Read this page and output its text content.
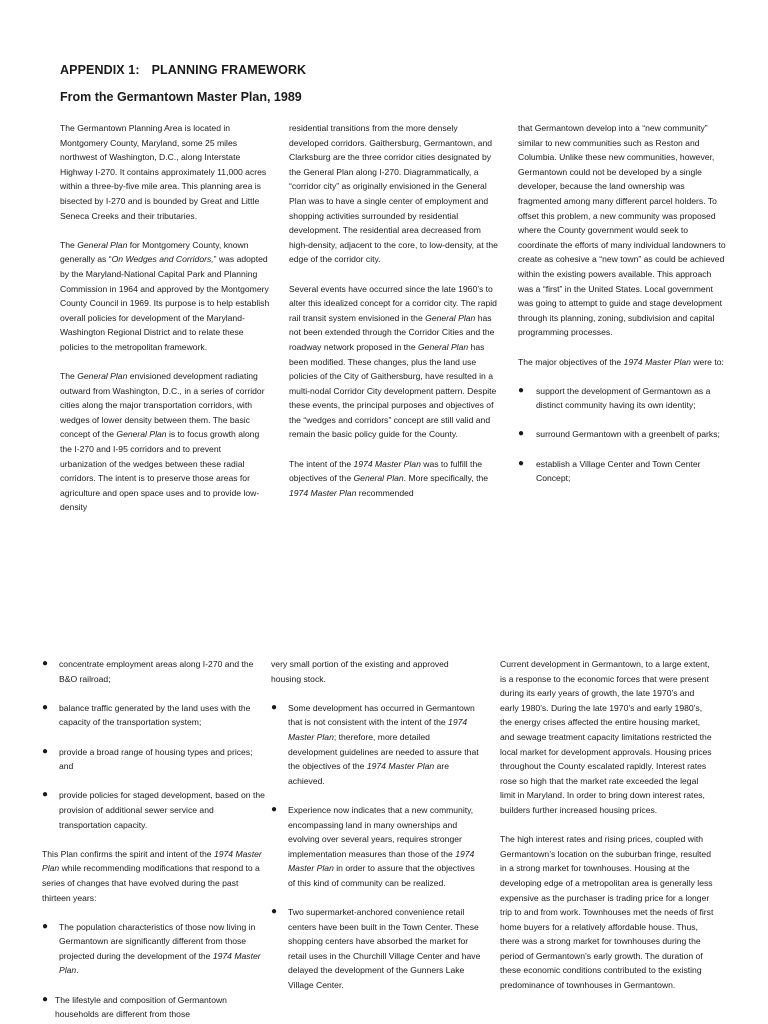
APPENDIX 1: PLANNING FRAMEWORK
From the Germantown Master Plan, 1989

The Germantown Planning Area is located in Montgomery County, Maryland, some 25 miles northwest of Washington, D.C., along Interstate Highway I-270. It contains approximately 11,000 acres within a three-by-five mile area. This planning area is bisected by I-270 and is bounded by Great and Little Seneca Creeks and their tributaries.

The General Plan for Montgomery County, known generally as “On Wedges and Corridors,” was adopted by the Maryland-National Capital Park and Planning Commission in 1964 and approved by the Montgomery County Council in 1969. Its purpose is to help establish overall policies for development of the Maryland-Washington Regional District and to relate these policies to the metropolitan framework.

The General Plan envisioned development radiating outward from Washington, D.C., in a series of corridor cities along the major transportation corridors, with wedges of lower density between them. The basic concept of the General Plan is to focus growth along the I-270 and I-95 corridors and to prevent urbanization of the wedges between these radial corridors. The intent is to preserve those areas for agriculture and open space uses and to provide low-density

residential transitions from the more densely developed corridors. Gaithersburg, Germantown, and Clarksburg are the three corridor cities designated by the General Plan along I-270. Diagrammatically, a “corridor city” as originally envisioned in the General Plan was to have a single center of employment and shopping activities surrounded by residential development. The residential area decreased from high-density, adjacent to the core, to low-density, at the edge of the corridor city.

Several events have occurred since the late 1960’s to alter this idealized concept for a corridor city. The rapid rail transit system envisioned in the General Plan has not been extended through the Corridor Cities and the roadway network proposed in the General Plan has been modified. These changes, plus the land use policies of the City of Gaithersburg, have resulted in a multi-nodal Corridor City development pattern. Despite these events, the principal purposes and objectives of the “wedges and corridors” concept are still valid and remain the basic policy guide for the County.

The intent of the 1974 Master Plan was to fulfill the objectives of the General Plan. More specifically, the 1974 Master Plan recommended

that Germantown develop into a “new community” similar to new communities such as Reston and Columbia. Unlike these new communities, however, Germantown could not be developed by a single developer, because the land ownership was fragmented among many different parcel holders. To offset this problem, a new community was proposed where the County government would seek to coordinate the efforts of many individual landowners to create as cohesive a “new town” as could be achieved within the existing powers available. This approach was a “first” in the United States. Local government was going to attempt to guide and stage development through its planning, zoning, subdivision and capital programming processes.

The major objectives of the 1974 Master Plan were to:

● support the development of Germantown as a distinct community having its own identity;
● surround Germantown with a greenbelt of parks;
● establish a Village Center and Town Center Concept;
● concentrate employment areas along I-270 and the B&O railroad;
● balance traffic generated by the land uses with the capacity of the transportation system;
● provide a broad range of housing types and prices; and
● provide policies for staged development, based on the provision of additional sewer service and transportation capacity.

This Plan confirms the spirit and intent of the 1974 Master Plan while recommending modifications that respond to a series of changes that have evolved during the past thirteen years:

● The population characteristics of those now living in Germantown are significantly different from those projected during the development of the 1974 Master Plan.
● The lifestyle and composition of Germantown households are different from those

very small portion of the existing and approved housing stock.

● Some development has occurred in Germantown that is not consistent with the intent of the 1974 Master Plan; therefore, more detailed development guidelines are needed to assure that the objectives of the 1974 Master Plan are achieved.
● Experience now indicates that a new community, encompassing land in many ownerships and evolving over several years, requires stronger implementation measures than those of the 1974 Master Plan in order to assure that the objectives of this kind of community can be realized.
● Two supermarket-anchored convenience retail centers have been built in the Town Center. These shopping centers have absorbed the market for retail uses in the Churchill Village Center and have delayed the development of the Gunners Lake Village Center.

Current development in Germantown, to a large extent, is a response to the economic forces that were present during its early years of growth, the late 1970’s and early 1980’s. During the late 1970’s and early 1980’s, the energy crises affected the entire housing market, and sewage treatment capacity limitations restricted the local market for development approvals. Housing prices throughout the County escalated rapidly. Interest rates rose so high that the market rate exceeded the legal limit in Maryland. In order to bring down interest rates, builders further increased housing prices.

The high interest rates and rising prices, coupled with Germantown’s location on the suburban fringe, resulted in a strong market for townhouses. Housing at the developing edge of a metropolitan area is generally less expensive as the purchaser is trading price for a longer trip to and from work. Townhouses met the needs of first home buyers for a relatively affordable house. Thus, there was a strong market for townhouses during the period of Germantown’s early growth. The duration of these economic conditions contributed to the existing predominance of townhouses in Germantown.
